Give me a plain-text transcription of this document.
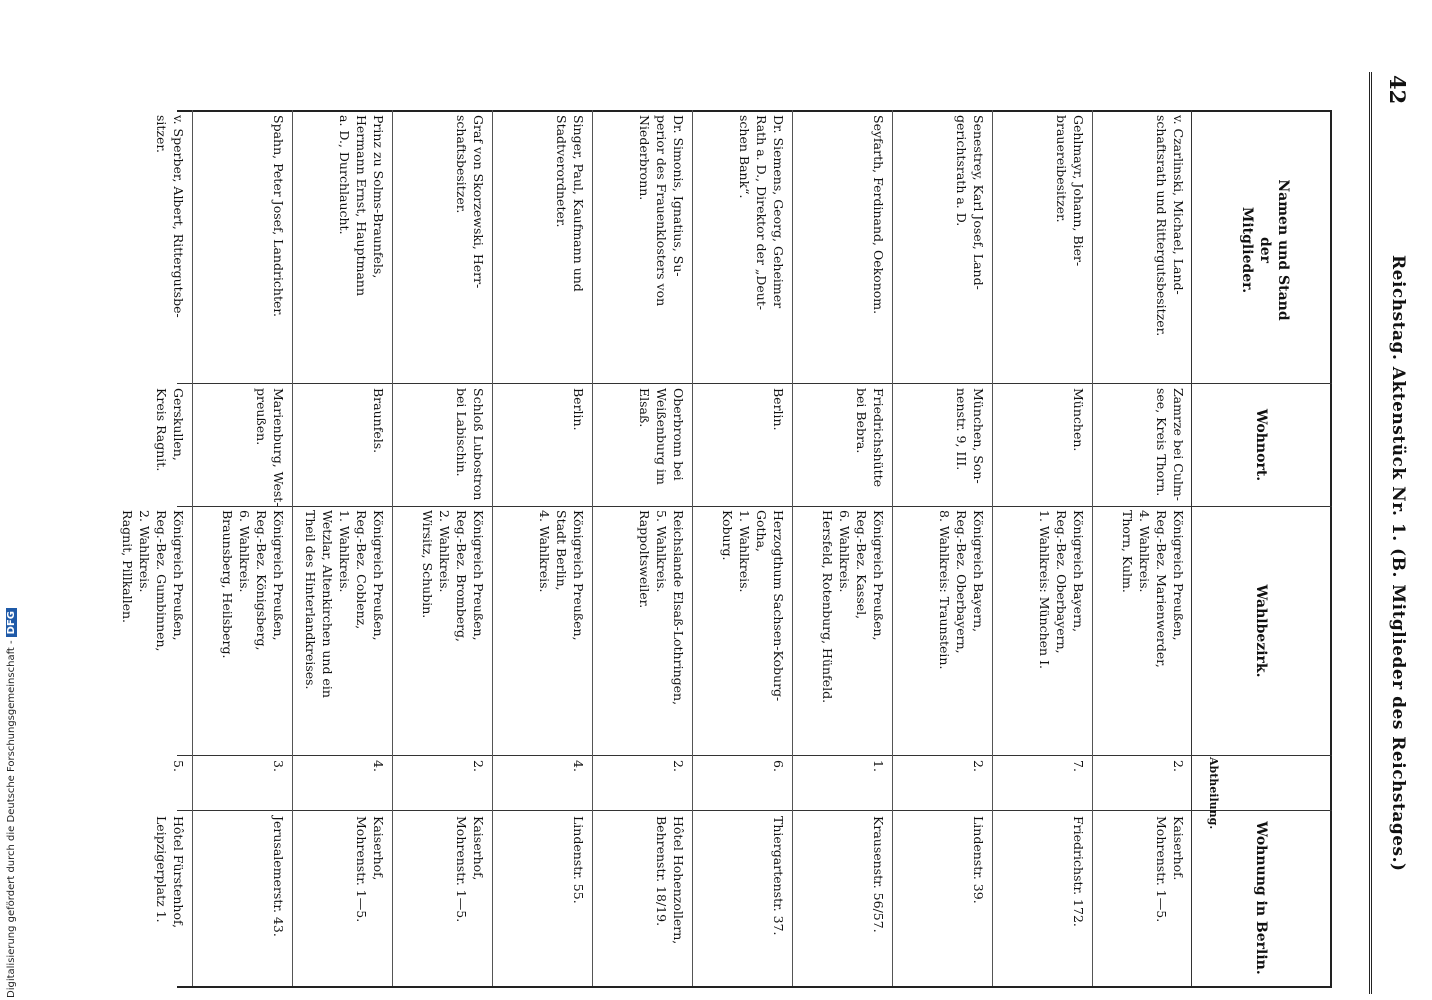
42
Reichstag. Aktenstück Nr. 1. (B. Mitglieder des Reichstages.)
Namen und Stand
der
Mitglieder.
Wohnort.
Wahlbezirk.
Abtheilung.
Wohnung in Berlin.
v. Czarlinski, Michael, Land-
schaftsrath und Rittergutsbesitzer.
Zamrze bei Culm-
see, Kreis Thorn.
Königreich Preußen,
Reg.-Bez. Marienwerder,
4. Wahlkreis.
Thorn, Kulm.
2.
Kaiserhof.
Mohrenstr. 1—5.
Gehlmayr, Johann, Bier-
brauereibesitzer.
München.
Königreich Bayern,
Reg.-Bez. Oberbayern,
1. Wahlkreis: München I.
7.
Friedrichstr. 172.
Senestrey, Karl Josef, Land-
gerichtsrath a. D.
München, Son-
nenstr. 9, III.
Königreich Bayern,
Reg.-Bez. Oberbayern,
8. Wahlkreis: Traunstein.
2.
Lindenstr. 39.
Seyfarth, Ferdinand, Oekonom.
Friedrichshütte
bei Bebra.
Königreich Preußen,
Reg.-Bez. Kassel,
6. Wahlkreis.
Hersfeld, Rotenburg, Hünfeld.
1.
Krausenstr. 56/57.
Dr. Siemens, Georg, Geheimer
Rath a. D., Direktor der „Deut-
schen Bank“.
Berlin.
Herzogthum Sachsen-Koburg-
Gotha,
1. Wahlkreis.
Koburg.
6.
Thiergartenstr. 37.
Dr. Simonis, Ignatius, Su-
perior des Frauenklosters von
Niederbronn.
Oberbronn bei
Weißenburg im
Elsaß.
Reichslande Elsaß-Lothringen,
5. Wahlkreis.
Rappoltsweiler.
2.
Hôtel Hohenzollern,
Behrenstr. 18/19.
Singer, Paul, Kaufmann und
Stadtverordneter.
Berlin.
Königreich Preußen,
Stadt Berlin,
4. Wahlkreis.
4.
Lindenstr. 55.
Graf von Skorzewski, Herr-
schaftsbesitzer.
Schloß Lubostron
bei Labischin.
Königreich Preußen,
Reg.-Bez. Bromberg,
2. Wahlkreis.
Wirsitz, Schubin.
2.
Kaiserhof,
Mohrenstr. 1—5.
Prinz zu Solms-Braunfels,
Hermann Ernst, Hauptmann
a. D., Durchlaucht.
Braunfels.
Königreich Preußen,
Reg.-Bez. Coblenz,
1. Wahlkreis.
Wetzlar, Altenkirchen und ein
Theil des Hinterlandkreises.
4.
Kaiserhof,
Mohrenstr. 1—5.
Spahn, Peter Josef, Landrichter.
Marienburg, West-
preußen.
Königreich Preußen,
Reg.-Bez. Königsberg,
6. Wahlkreis.
Braunsberg, Heilsberg.
3.
Jerusalemerstr. 43.
v. Sperber, Albert, Rittergutsbe-
sitzer.
Gerskullen,
Kreis Ragnit.
Königreich Preußen,
Reg.-Bez. Gumbinnen,
2. Wahlkreis.
Ragnit, Pillkallen.
5.
Hôtel Fürstenhof,
Leipzigerplatz 1.
Digitalisierung gefördert durch die Deutsche Forschungsgemeinschaft -DFG
